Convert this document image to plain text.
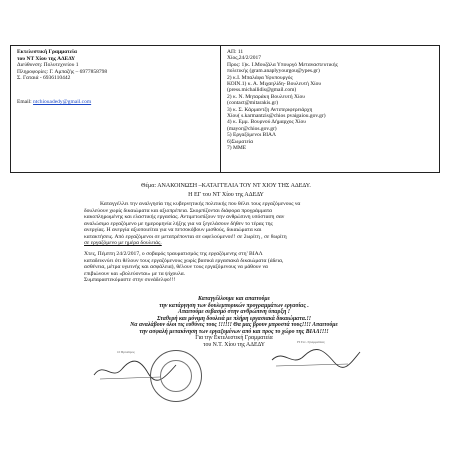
Εκτελεστική Γραμματεία
του ΝΤ Χίου της ΑΔΕΔΥ
Διεύθυνση: Πολυτεχνείου 1
Πληροφορίες: Γ. Αμπαζής – 6977858798
Σ. Γαταιά - 6936110442
Email: ntchiouadedy@gmail.com
ΑΠ: 11
Χίος,24/2/2017
Προς: 1)κ. Ι.Μουζάλα Υπουργό Μεταναστευτικής
πολιτικής (gram.anaplyyourgou@ypes.gr)
2) κ.Ι. Μπαλάφα Υφυπουργός
ΚΟΙΝ.1) κ. Α. Μιχαηλίδη- Βουλευτή Χίου
(press.michailidis@gmail.com)
2) κ. Ν. Μηταράκη Βουλευτή Χίου
(contact@mitarakis.gr)
3) κ. Σ. Κάρμαντζη Αντιπεριφερειάρχη
Χίου( s.karmantzis@chios pvaigaiou.gov.gr)
4) κ. Εμμ. Βουρνού Δήμαρχος Χίου
(mayor@chios.gov.gr)
5) Εργαζόμενοι ΒΙΑΛ
6)Σωματεία
7) ΜΜΕ
Θέμα: ΑΝΑΚΟΙΝΩΣΗ –ΚΑΤΑΓΓΕΛΙΑ ΤΟΥ ΝΤ ΧΙΟΥ ΤΗΣ ΑΔΕΔΥ.
Η ΕΓ του ΝΤ Χίου της ΑΔΕΔΥ
Καταγγέλλει την αναλγησία της κυβερνητικής πολιτικής που θέλει τους εργαζόμενους να
δουλεύουν χωρίς δικαιώματα και αξιοπρέπεια. Σκορπίζονται διάφορα προγράμματα
κακοπληρωμένης και ελαστικής εργασίας. Αντιμετωπίζουν την ανθρώπινη υπόσταση σαν
αναλώσιμο εργαζόμενο με ημερομηνία λήξης για να ξεγελάσουν δήθεν το τέρας της
ανεργίας. Η ανεργία αξιοποιείται για να πετσοκόβουν μισθούς, δικαιώματα και
κατακτήσεις. Από εργαζόμενοι σε μετατρέπονται σε ωφελούμενοι!! σε 2ωρίτη , σε 8ωρίτη
σε εργαζόμενο με ημέρα δουλειάς.
Χτες, Πέμπτη 24/2/2017, ο σοβαρός τραυματισμός της εργαζόμενης στη' ΒΙΑΛ
καταδεικνύει ότι θέλουν τους εργαζόμενους χωρίς βασικά εργασιακά δικαιώματα (άδεια,
ασθένεια, μέτρα υγιεινής και ασφάλεια), θέλουν τους εργαζόμενους να μάθουν να
επιβιώνουν και «βολεύονται» με τα ψίχουλα.
Συμπαραστεκόμαστε στην συνάδελφο!!!
Καταγγέλλουμε και απαιτούμε
την κατάργηση των δουλεμπορικών προγραμμάτων εργασίας .
Απαιτούμε σεβασμό στην ανθρώπινη ύπαρξη !
Σταθερή και μόνιμη δουλειά με πλήρη εργασιακά δικαιώματα.!!
Να αναλάβουν όλοι τις ευθύνες τους !!!!!! Θα μας βρουν μπροστά τους!!!! Απαιτούμε
την ασφαλή μετακίνηση των εργαζομένων από και προς το χώρο της ΒΙΑΛ!!!!
Για την Εκτελεστική Γραμματεία
του Ν.Τ. Χίου της ΑΔΕΔΥ
Ο Πρόεδρος
Η Γεν. Γραμματέας
